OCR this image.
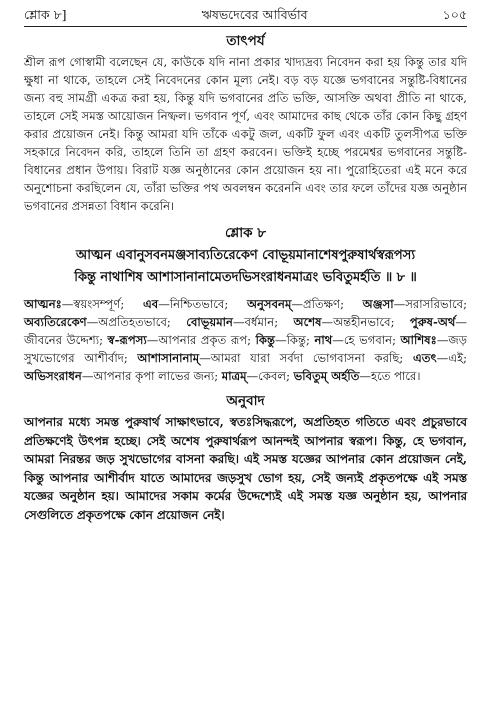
শ্লোক ৮]	ঋষভদেবের আবির্ভাব	১০৫
তাৎপর্য

শ্রীল রূপ গোস্বামী বলেছেন যে, কাউকে যদি নানা প্রকার খাদ্যদ্রব্য নিবেদন করা হয় কিন্তু তার যদি ক্ষুধা না থাকে, তাহলে সেই নিবেদনের কোন মূল্য নেই। বড় বড় যজ্ঞে ভগবানের সন্তুষ্টি-বিধানের জন্য বহু সামগ্রী একত্র করা হয়, কিন্তু যদি ভগবানের প্রতি ভক্তি, আসক্তি অথবা প্রীতি না থাকে, তাহলে সেই সমস্ত আয়োজন নিষ্ফল। ভগবান পূর্ণ, এবং আমাদের কাছ থেকে তাঁর কোন কিছু গ্রহণ করার প্রয়োজন নেই। কিন্তু আমরা যদি তাঁকে একটু জল, একটি ফুল এবং একটি তুলসীপত্র ভক্তি সহকারে নিবেদন করি, তাহলে তিনি তা গ্রহণ করবেন। ভক্তিই হচ্ছে পরমেশ্বর ভগবানের সন্তুষ্টি-বিধানের প্রধান উপায়। বিরাট যজ্ঞ অনুষ্ঠানের কোন প্রয়োজন হয় না। পুরোহিতেরা এই মনে করে অনুশোচনা করছিলেন যে, তাঁরা ভক্তির পথ অবলম্বন করেননি এবং তার ফলে তাঁদের যজ্ঞ অনুষ্ঠান ভগবানের প্রসন্নতা বিধান করেনি।

শ্লোক ৮
আত্মন এবানুসবনমঞ্জসাব্যতিরেকেণ বোভূয়মানাশেষপুরুষার্থস্বরূপস্য
কিন্তু নাথাশিষ আশাসানানামেতদভিসংরাধনমাত্রং ভবিতুমর্হতি ॥ ৮ ॥
আত্মনঃ—স্বয়ংসম্পূর্ণ; এব—নিশ্চিতভাবে; অনুসবনম্—প্রতিক্ষণ; অঞ্জসা—সরাসরিভাবে; অব্যতিরেকেণ—অপ্রতিহতভাবে; বোভূয়মান—বর্ধমান; অশেষ—অন্তহীনভাবে; পুরুষ-অর্থ—জীবনের উদ্দেশ্য; স্ব-রূপস্য—আপনার প্রকৃত রূপ; কিন্তু—কিন্তু; নাথ—হে ভগবান; আশিষঃ—জড় সুখভোগের আশীর্বাদ; আশাসানানাম্—আমরা যারা সর্বদা ভোগবাসনা করছি; এতৎ—এই; অভিসংরাধন—আপনার কৃপা লাভের জন্য; মাত্রম্—কেবল; ভবিতুম্ অর্হতি—হতে পারে।
অনুবাদ

আপনার মধ্যে সমস্ত পুরুষার্থ সাক্ষাৎভাবে, স্বতঃসিদ্ধরূপে, অপ্রতিহত গতিতে এবং প্রচুরভাবে প্রতিক্ষণেই উৎপন্ন হচ্ছে। সেই অশেষ পুরুষার্থরূপ আনন্দই আপনার স্বরূপ। কিন্তু, হে ভগবান, আমরা নিরন্তর জড় সুখভোগের বাসনা করছি। এই সমস্ত যজ্ঞের আপনার কোন প্রয়োজন নেই, কিন্তু আপনার আশীর্বাদ যাতে আমাদের জড়সুখ ভোগ হয়, সেই জন্যই প্রকৃতপক্ষে এই সমস্ত যজ্ঞের অনুষ্ঠান হয়। আমাদের সকাম কর্মের উদ্দেশ্যেই এই সমস্ত যজ্ঞ অনুষ্ঠান হয়, আপনার সেগুলিতে প্রকৃতপক্ষে কোন প্রয়োজন নেই।
